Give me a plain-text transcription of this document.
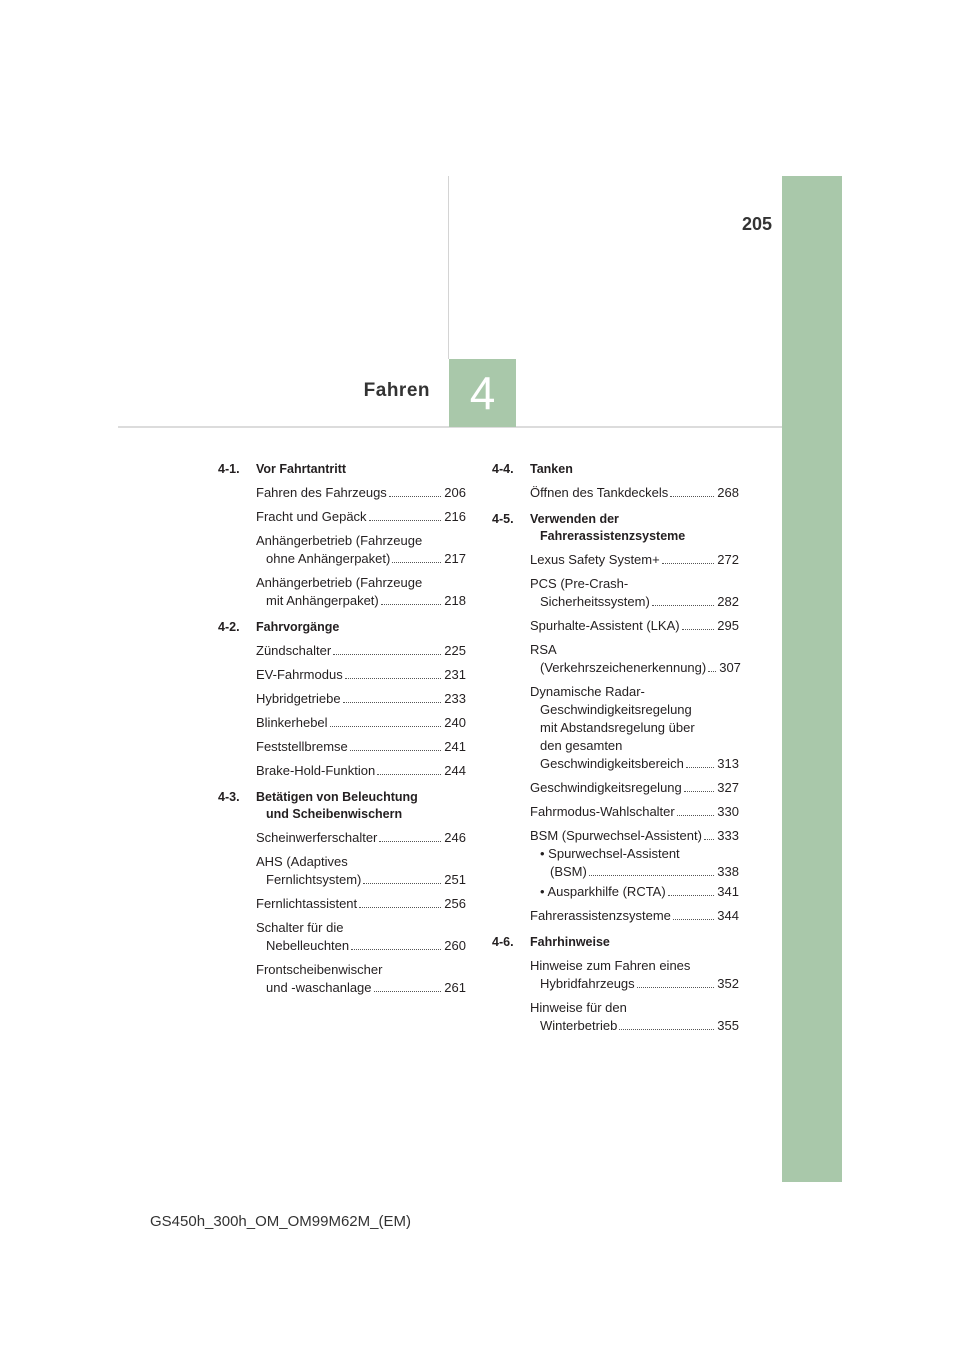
205
Fahren 4
4-1. Vor Fahrtantritt
Fahren des Fahrzeugs	206
Fracht und Gepäck	216
Anhängerbetrieb (Fahrzeuge
ohne Anhängerpaket)	217
Anhängerbetrieb (Fahrzeuge
mit Anhängerpaket)	218
4-2. Fahrvorgänge
Zündschalter	225
EV-Fahrmodus	231
Hybridgetriebe	233
Blinkerhebel	240
Feststellbremse	241
Brake-Hold-Funktion	244
4-3. Betätigen von Beleuchtung
und Scheibenwischern
Scheinwerferschalter	246
AHS (Adaptives
Fernlichtsystem)	251
Fernlichtassistent	256
Schalter für die
Nebelleuchten	260
Frontscheibenwischer
und -waschanlage	261
4-4. Tanken
Öffnen des Tankdeckels	268
4-5. Verwenden der
Fahrerassistenzsysteme
Lexus Safety System+	272
PCS (Pre-Crash-
Sicherheitssystem)	282
Spurhalte-Assistent (LKA)	295
RSA
(Verkehrszeichenerkennung) 307
Dynamische Radar-
Geschwindigkeitsregelung
mit Abstandsregelung über
den gesamten
Geschwindigkeitsbereich	313
Geschwindigkeitsregelung	327
Fahrmodus-Wahlschalter	330
BSM (Spurwechsel-Assistent) 333
• Spurwechsel-Assistent
(BSM)	338
• Ausparkhilfe (RCTA)	341
Fahrerassistenzsysteme	344
4-6. Fahrhinweise
Hinweise zum Fahren eines
Hybridfahrzeugs	352
Hinweise für den
Winterbetrieb	355
GS450h_300h_OM_OM99M62M_(EM)
